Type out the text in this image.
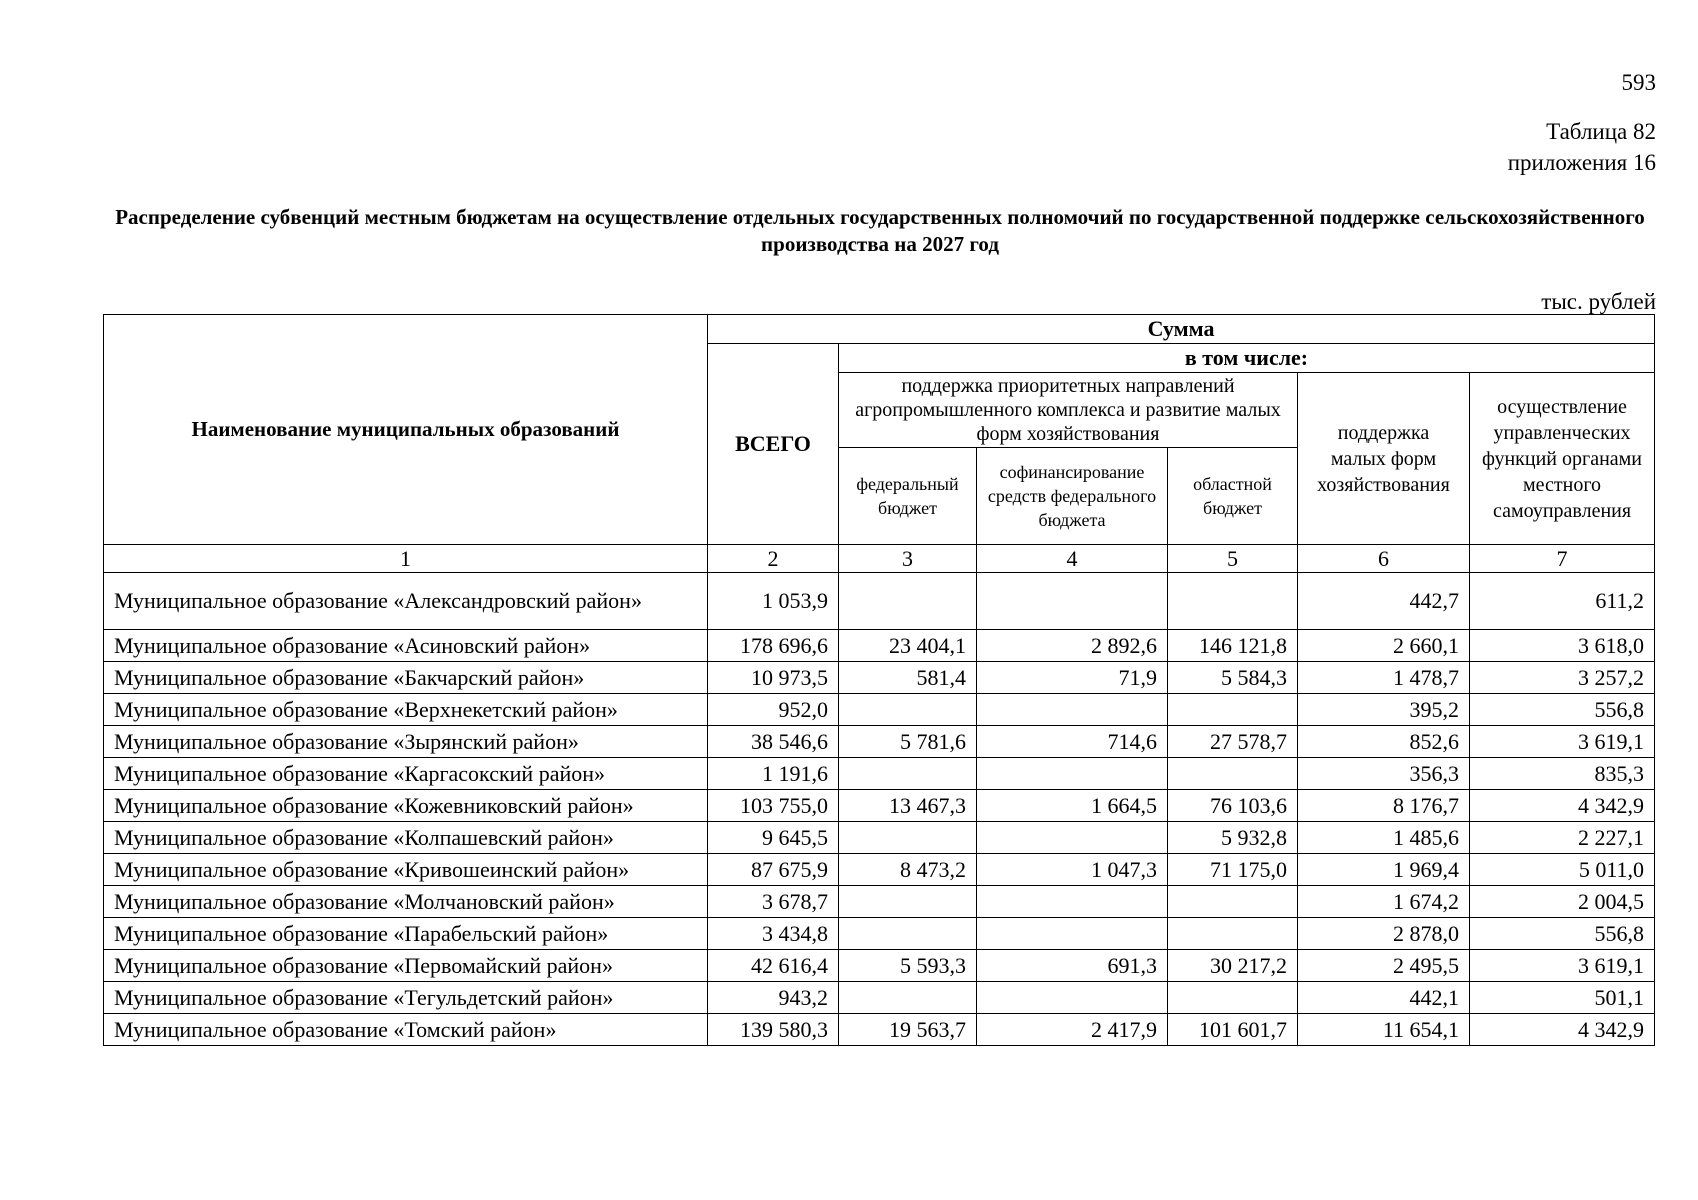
593
Таблица 82
приложения 16
Распределение субвенций местным бюджетам на осуществление отдельных государственных полномочий по государственной поддержке сельскохозяйственного производства на 2027 год
тыс. рублей
Наименование муниципальных образований	Сумма					
	ВСЕГО	в том числе:				
		поддержка приоритетных направлений агропромышленного комплекса и развитие малых форм хозяйствования			поддержка малых форм хозяйствования	осуществление управленческих функций органами местного самоуправления
		федеральный бюджет	софинансирование средств федерального бюджета	областной бюджет		
1	2	3	4	5	6	7
Муниципальное образование «Александровский район»	1 053,9				442,7	611,2
Муниципальное образование «Асиновский район»	178 696,6	23 404,1	2 892,6	146 121,8	2 660,1	3 618,0
Муниципальное образование «Бакчарский район»	10 973,5	581,4	71,9	5 584,3	1 478,7	3 257,2
Муниципальное образование «Верхнекетский район»	952,0				395,2	556,8
Муниципальное образование «Зырянский район»	38 546,6	5 781,6	714,6	27 578,7	852,6	3 619,1
Муниципальное образование «Каргасокский район»	1 191,6				356,3	835,3
Муниципальное образование «Кожевниковский район»	103 755,0	13 467,3	1 664,5	76 103,6	8 176,7	4 342,9
Муниципальное образование «Колпашевский район»	9 645,5			5 932,8	1 485,6	2 227,1
Муниципальное образование «Кривошеинский район»	87 675,9	8 473,2	1 047,3	71 175,0	1 969,4	5 011,0
Муниципальное образование «Молчановский район»	3 678,7				1 674,2	2 004,5
Муниципальное образование «Парабельский район»	3 434,8				2 878,0	556,8
Муниципальное образование «Первомайский район»	42 616,4	5 593,3	691,3	30 217,2	2 495,5	3 619,1
Муниципальное образование «Тегульдетский район»	943,2				442,1	501,1
Муниципальное образование «Томский район»	139 580,3	19 563,7	2 417,9	101 601,7	11 654,1	4 342,9
